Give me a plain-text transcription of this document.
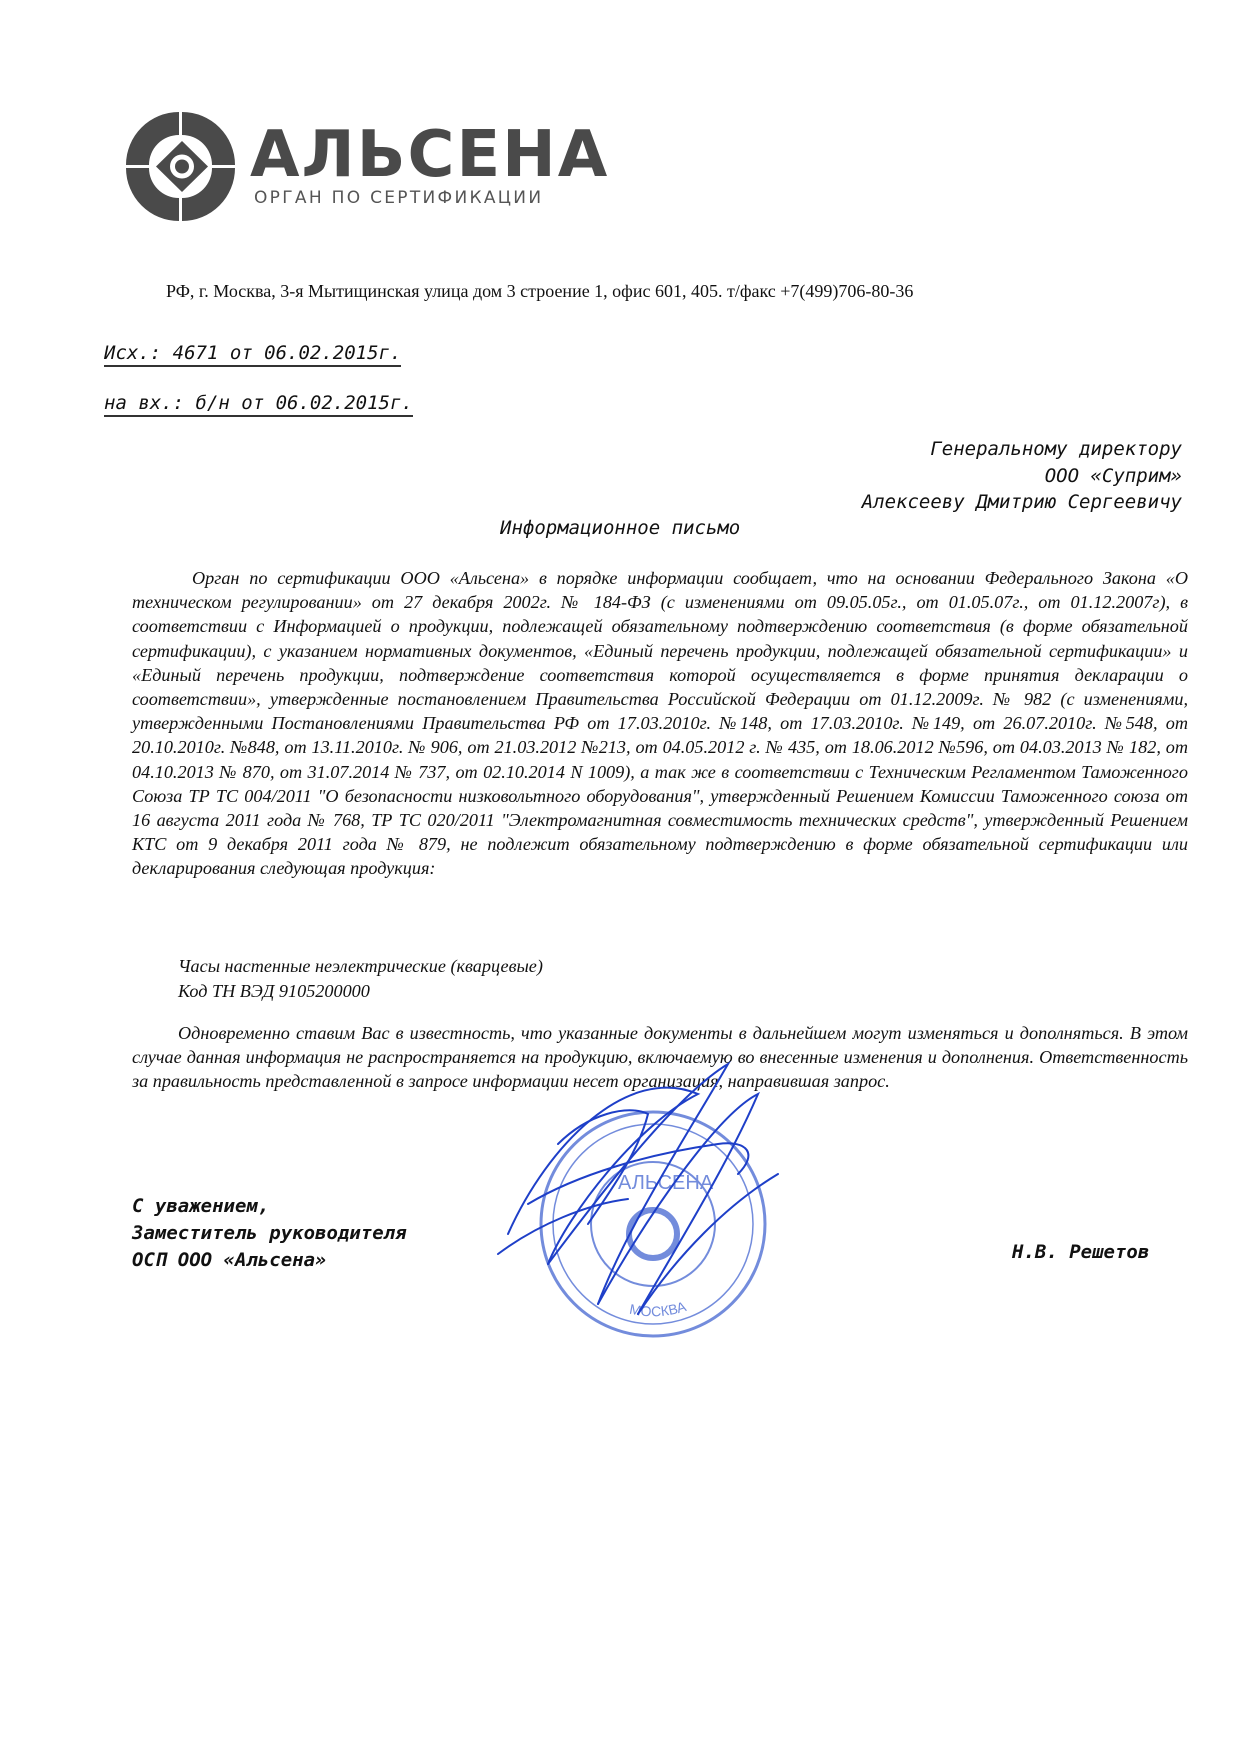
АЛЬСЕНА
ОРГАН ПО СЕРТИФИКАЦИИ
РФ, г. Москва, 3-я Мытищинская улица дом 3 строение 1, офис 601, 405. т/факс +7(499)706-80-36
Исх.: 4671 от 06.02.2015г.
на вх.: б/н от 06.02.2015г.
Генеральному директору
ООО «Суприм»
Алексееву Дмитрию Сергеевичу
Информационное письмо
Орган по сертификации ООО «Альсена» в порядке информации сообщает, что на основании Федерального Закона «О техническом регулировании» от 27 декабря 2002г. № 184-ФЗ (с изменениями от 09.05.05г., от 01.05.07г., от 01.12.2007г), в соответствии с Информацией о продукции, подлежащей обязательному подтверждению соответствия (в форме обязательной сертификации), с указанием нормативных документов, «Единый перечень продукции, подлежащей обязательной сертификации» и «Единый перечень продукции, подтверждение соответствия которой осуществляется в форме принятия декларации о соответствии», утвержденные постановлением Правительства Российской Федерации от 01.12.2009г. № 982 (с изменениями, утвержденными Постановлениями Правительства РФ от 17.03.2010г. №148, от 17.03.2010г. №149, от 26.07.2010г. №548, от 20.10.2010г. №848, от 13.11.2010г. № 906, от 21.03.2012 №213, от 04.05.2012 г. № 435, от 18.06.2012 №596, от 04.03.2013 № 182, от 04.10.2013 № 870, от 31.07.2014 № 737, от 02.10.2014 N 1009), а так же в соответствии с Техническим Регламентом Таможенного Союза ТР ТС 004/2011 "О безопасности низковольтного оборудования", утвержденный Решением Комиссии Таможенного союза от 16 августа 2011 года № 768, ТР ТС 020/2011 "Электромагнитная совместимость технических средств", утвержденный Решением КТС от 9 декабря 2011 года № 879, не подлежит обязательному подтверждению в форме обязательной сертификации или декларирования следующая продукция:
Часы настенные неэлектрические (кварцевые)
Код ТН ВЭД 9105200000
Одновременно ставим Вас в известность, что указанные документы в дальнейшем могут изменяться и дополняться. В этом случае данная информация не распространяется на продукцию, включаемую во внесенные изменения и дополнения. Ответственность за правильность представленной в запросе информации несет организация, направившая запрос.
С уважением,
Заместитель руководителя
ОСП ООО «Альсена»	Н.В. Решетов
АЛЬСЕНА
МОСКВА
